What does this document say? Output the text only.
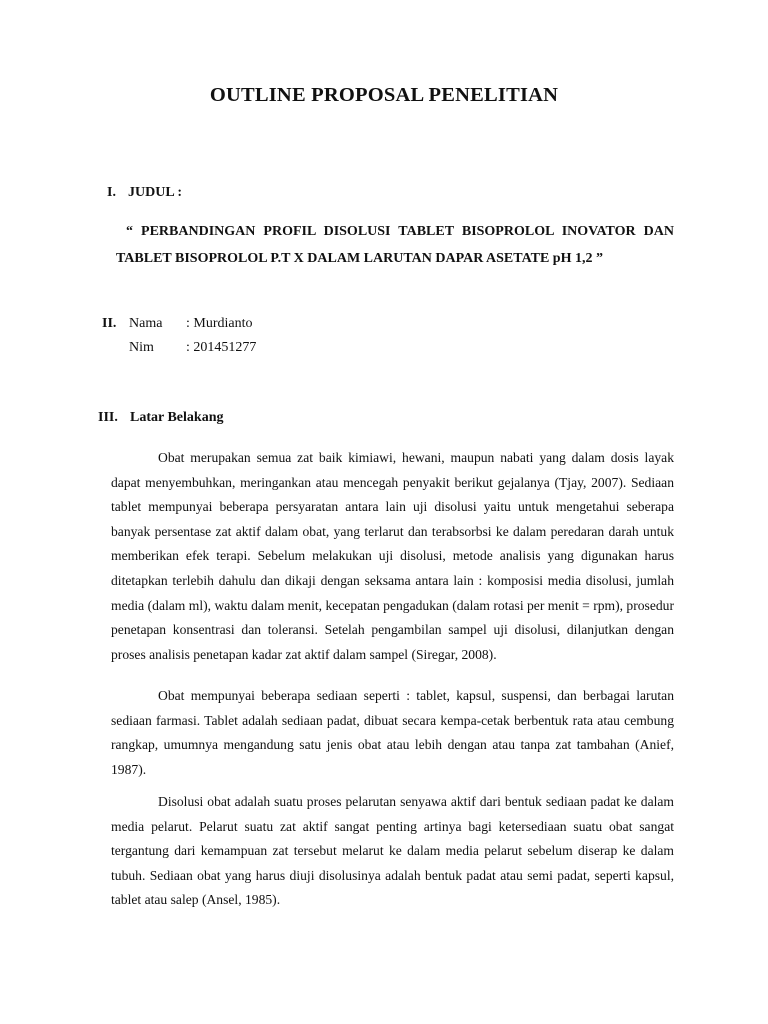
OUTLINE PROPOSAL PENELITIAN
I. JUDUL :
“ PERBANDINGAN PROFIL DISOLUSI TABLET BISOPROLOL INOVATOR DAN
TABLET BISOPROLOL P.T X DALAM LARUTAN DAPAR ASETATE pH 1,2 ”
II. Nama : Murdianto
Nim : 201451277
III. Latar Belakang

Obat merupakan semua zat baik kimiawi, hewani, maupun nabati yang dalam dosis layak dapat menyembuhkan, meringankan atau mencegah penyakit berikut gejalanya (Tjay, 2007). Sediaan tablet mempunyai beberapa persyaratan antara lain uji disolusi yaitu untuk mengetahui seberapa banyak persentase zat aktif dalam obat, yang terlarut dan terabsorbsi ke dalam peredaran darah untuk memberikan efek terapi. Sebelum melakukan uji disolusi, metode analisis yang digunakan harus ditetapkan terlebih dahulu dan dikaji dengan seksama antara lain : komposisi media disolusi, jumlah media (dalam ml), waktu dalam menit, kecepatan pengadukan (dalam rotasi per menit = rpm), prosedur penetapan konsentrasi dan toleransi. Setelah pengambilan sampel uji disolusi, dilanjutkan dengan proses analisis penetapan kadar zat aktif dalam sampel (Siregar, 2008).

Obat mempunyai beberapa sediaan seperti : tablet, kapsul, suspensi, dan berbagai larutan sediaan farmasi. Tablet adalah sediaan padat, dibuat secara kempa-cetak berbentuk rata atau cembung rangkap, umumnya mengandung satu jenis obat atau lebih dengan atau tanpa zat tambahan (Anief, 1987).

Disolusi obat adalah suatu proses pelarutan senyawa aktif dari bentuk sediaan padat ke dalam media pelarut. Pelarut suatu zat aktif sangat penting artinya bagi ketersediaan suatu obat sangat tergantung dari kemampuan zat tersebut melarut ke dalam media pelarut sebelum diserap ke dalam tubuh. Sediaan obat yang harus diuji disolusinya adalah bentuk padat atau semi padat, seperti kapsul, tablet atau salep (Ansel, 1985).
